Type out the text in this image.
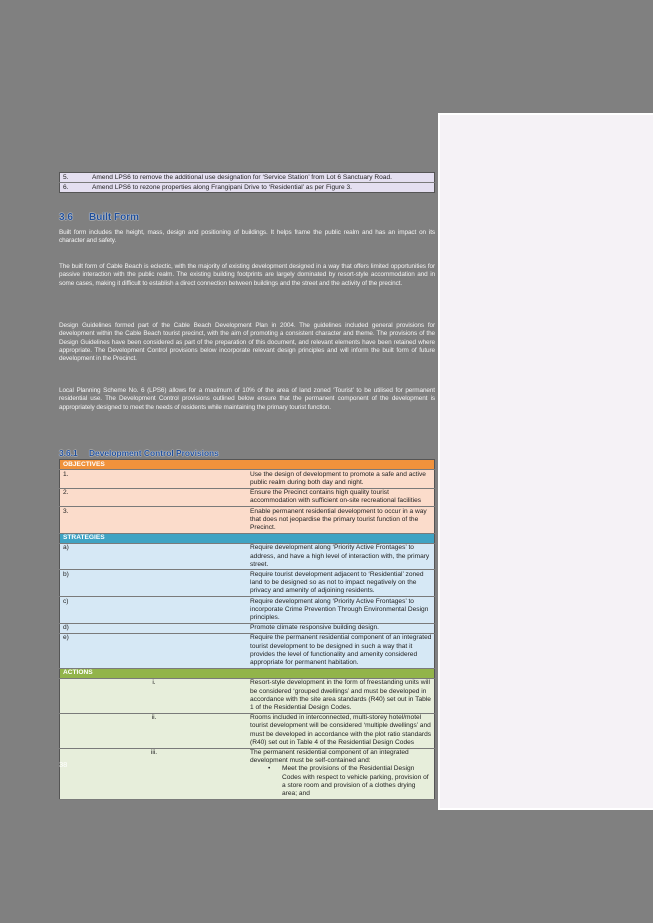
5.	Amend LPS6 to remove the additional use designation for ‘Service Station’ from Lot 6 Sanctuary Road.
6.	Amend LPS6 to rezone properties along Frangipani Drive to ‘Residential’ as per Figure 3.
3.6 Built Form
Built form includes the height, mass, design and positioning of buildings. It helps frame the public realm and has an impact on its character and safety.
The built form of Cable Beach is eclectic, with the majority of existing development designed in a way that offers limited opportunities for passive interaction with the public realm. The existing building footprints are largely dominated by resort-style accommodation and in some cases, making it difficult to establish a direct connection between buildings and the street and the activity of the precinct.
Design Guidelines formed part of the Cable Beach Development Plan in 2004. The guidelines included general provisions for development within the Cable Beach tourist precinct, with the aim of promoting a consistent character and theme. The provisions of the Design Guidelines have been considered as part of the preparation of this document, and relevant elements have been retained where appropriate. The Development Control provisions below incorporate relevant design principles and will inform the built form of future development in the Precinct.
Local Planning Scheme No. 6 (LPS6) allows for a maximum of 10% of the area of land zoned ‘Tourist’ to be utilised for permanent residential use. The Development Control provisions outlined below ensure that the permanent component of the development is appropriately designed to meet the needs of residents while maintaining the primary tourist function.
3.6.1 Development Control Provisions
OBJECTIVES	
1.	Use the design of development to promote a safe and active public realm during both day and night.
2.	Ensure the Precinct contains high quality tourist accommodation with sufficient on-site recreational facilities
3.	Enable permanent residential development to occur in a way that does not jeopardise the primary tourist function of the Precinct.
STRATEGIES	
a)	Require development along ‘Priority Active Frontages’ to address, and have a high level of interaction with, the primary street.
b)	Require tourist development adjacent to ‘Residential’ zoned land to be designed so as not to impact negatively on the privacy and amenity of adjoining residents.
c)	Require development along ‘Priority Active Frontages’ to incorporate Crime Prevention Through Environmental Design principles.
d)	Promote climate responsive building design.
e)	Require the permanent residential component of an integrated tourist development to be designed in such a way that it provides the level of functionality and amenity considered appropriate for permanent habitation.
ACTIONS	
i.	Resort-style development in the form of freestanding units will be considered ‘grouped dwellings’ and must be developed in accordance with the site area standards (R40) set out in Table 1 of the Residential Design Codes.
ii.	Rooms included in interconnected, multi-storey hotel/motel tourist development will be considered ‘multiple dwellings’ and must be developed in accordance with the plot ratio standards (R40) set out in Table 4 of the Residential Design Codes
iii.	The permanent residential component of an integrated development must be self-contained and:
• Meet the provisions of the Residential Design Codes with respect to vehicle parking, provision of a store room and provision of a clothes drying area; and
38
